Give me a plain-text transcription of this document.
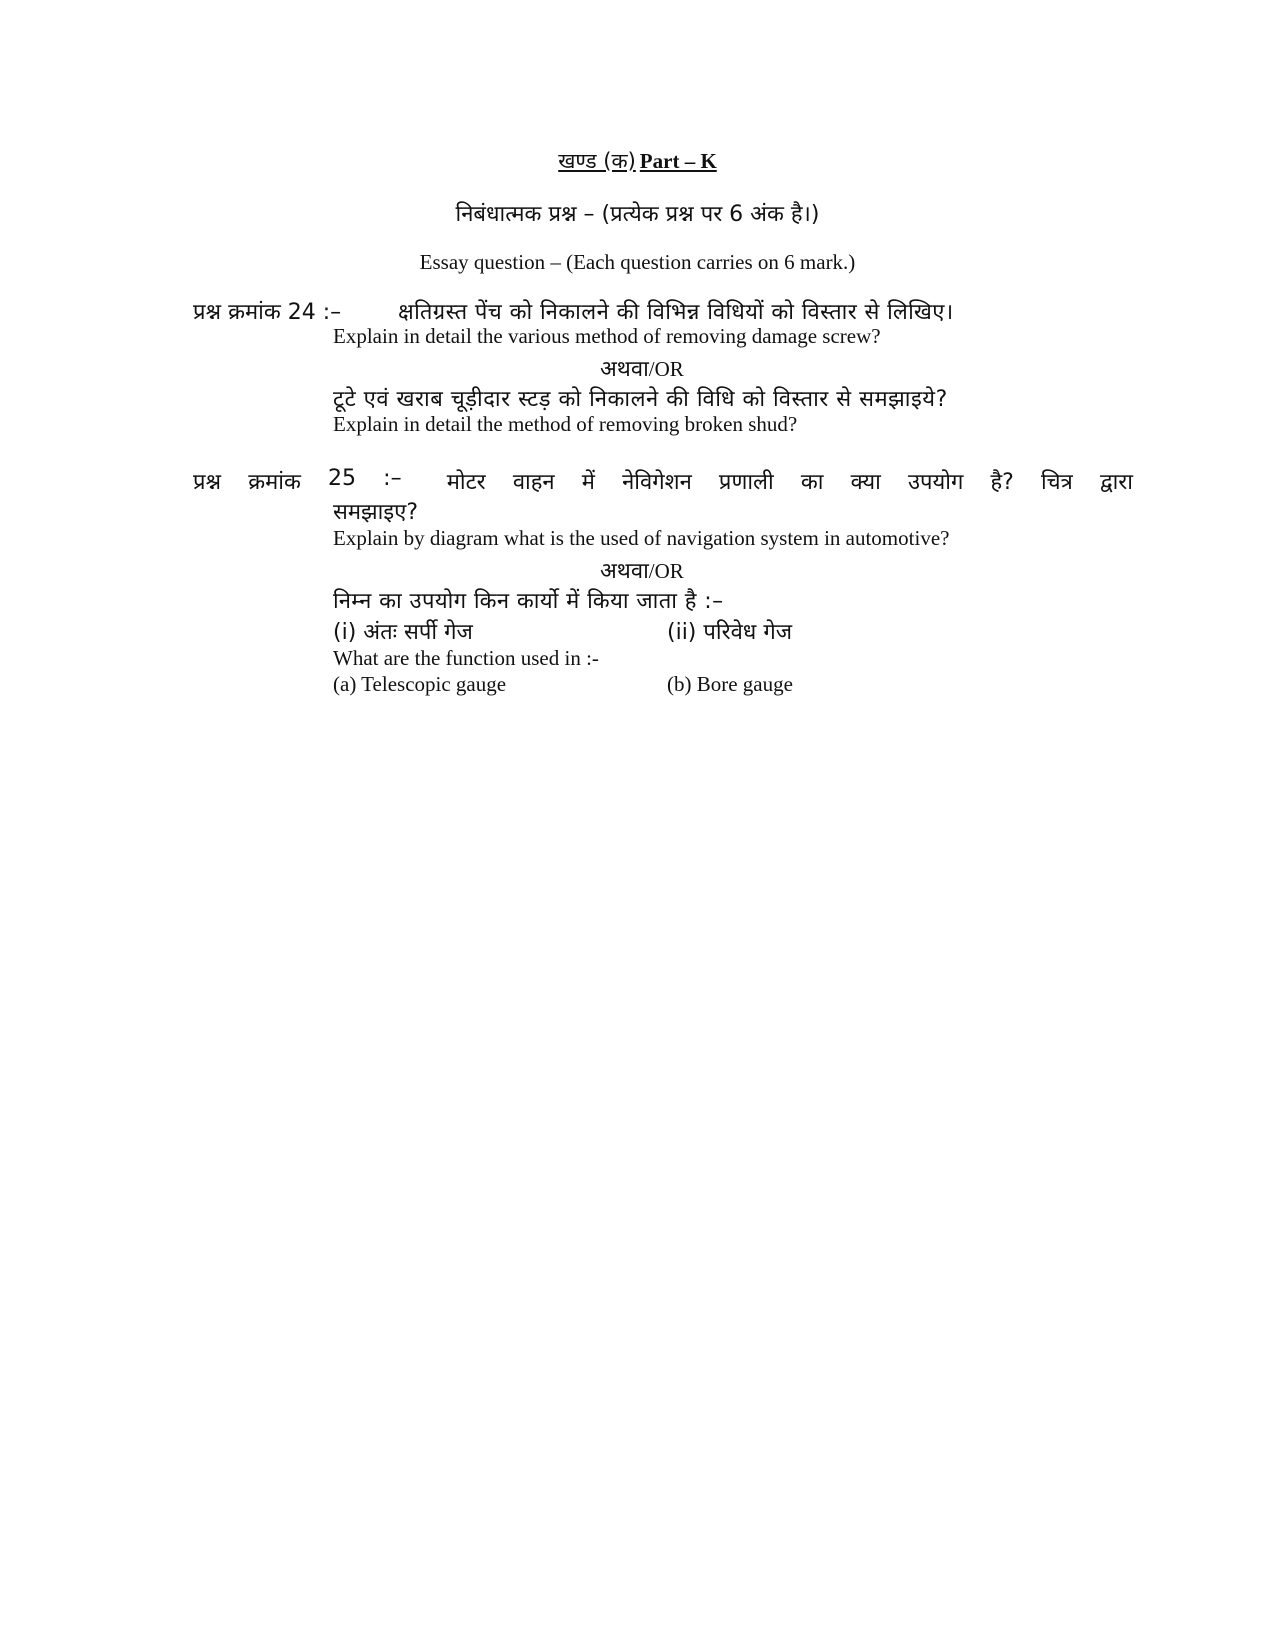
खण्ड (क) Part – K
निबंधात्मक प्रश्न – (प्रत्येक प्रश्न पर 6 अंक है।)
Essay question – (Each question carries on 6 mark.)
प्रश्न क्रमांक 24 :–	क्षतिग्रस्त पेंच को निकालने की विभिन्न विधियों को विस्तार से लिखिए।
Explain in detail the various method of removing damage screw?
अथवा/OR
टूटे एवं खराब चूड़ीदार स्टड़ को निकालने की विधि को विस्तार से समझाइये?
Explain in detail the method of removing broken shud?
प्रश्न क्रमांक 25 :– मोटर वाहन में नेविगेशन प्रणाली का क्या उपयोग है? चित्र द्वारा
समझाइए?
Explain by diagram what is the used of navigation system in automotive?
अथवा/OR
निम्न का उपयोग किन कार्यो में किया जाता है :–
(i) अंतः सर्पी गेज	(ii) परिवेध गेज
What are the function used in :-
(a) Telescopic gauge	(b) Bore gauge
